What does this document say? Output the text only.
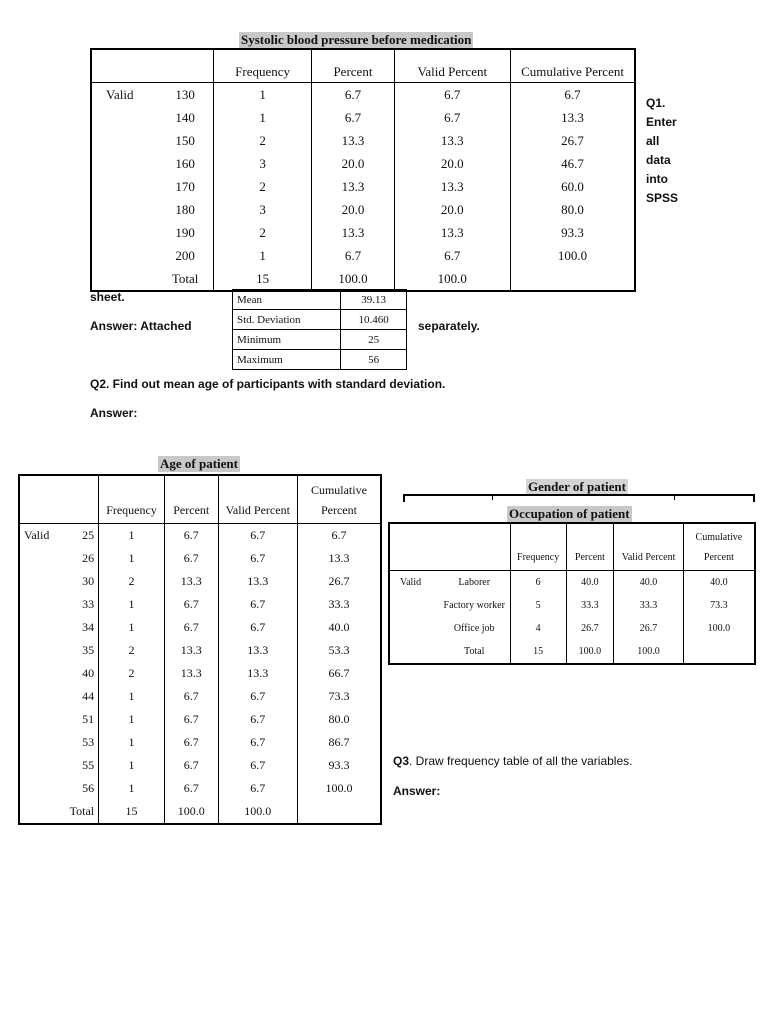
Systolic blood pressure before medication
		Frequency	Percent	Valid Percent	Cumulative Percent
Valid	130	1	6.7	6.7	6.7
	140	1	6.7	6.7	13.3
	150	2	13.3	13.3	26.7
	160	3	20.0	20.0	46.7
	170	2	13.3	13.3	60.0
	180	3	20.0	20.0	80.0
	190	2	13.3	13.3	93.3
	200	1	6.7	6.7	100.0
	Total	15	100.0	100.0	
Q1.
Enter
all
data
into
SPSS
sheet.
Answer: Attached	separately.
Mean	39.13
Std. Deviation	10.460
Minimum	25
Maximum	56
Q2. Find out mean age of participants with standard deviation.
Answer:
Age of patient
		Frequency	Percent	Valid Percent	Cumulative
Percent
Valid	25	1	6.7	6.7	6.7
	26	1	6.7	6.7	13.3
	30	2	13.3	13.3	26.7
	33	1	6.7	6.7	33.3
	34	1	6.7	6.7	40.0
	35	2	13.3	13.3	53.3
	40	2	13.3	13.3	66.7
	44	1	6.7	6.7	73.3
	51	1	6.7	6.7	80.0
	53	1	6.7	6.7	86.7
	55	1	6.7	6.7	93.3
	56	1	6.7	6.7	100.0
	Total	15	100.0	100.0	
Gender of patient
Occupation of patient
		Frequency	Percent	Valid Percent	Cumulative
Percent
Valid	Laborer	6	40.0	40.0	40.0
	Factory worker	5	33.3	33.3	73.3
	Office job	4	26.7	26.7	100.0
	Total	15	100.0	100.0	
Q3. Draw frequency table of all the variables.
Answer:
